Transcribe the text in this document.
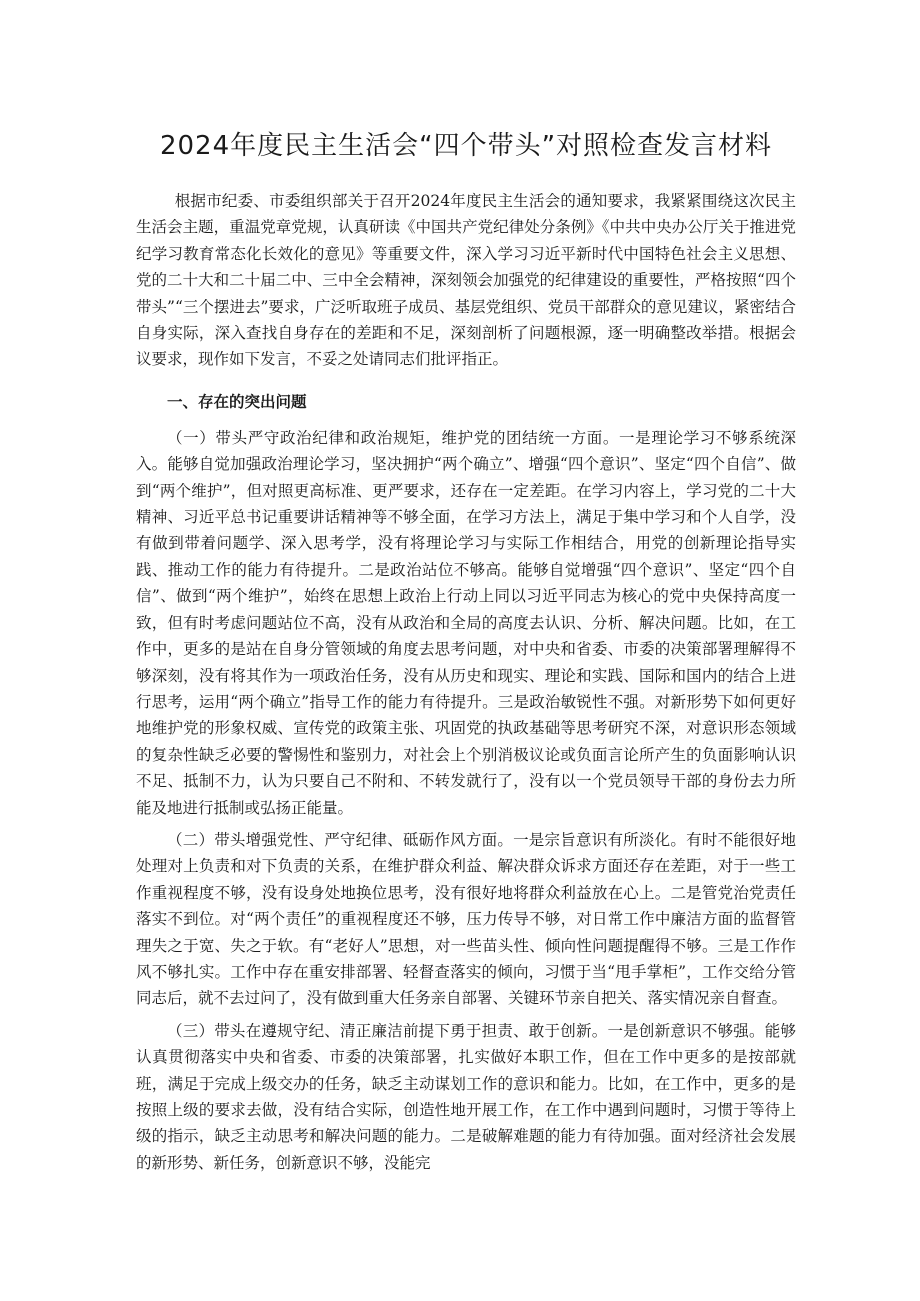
2024年度民主生活会“四个带头”对照检查发言材料

根据市纪委、市委组织部关于召开2024年度民主生活会的通知要求，我紧紧围绕这次民主生活会主题，重温党章党规，认真研读《中国共产党纪律处分条例》《中共中央办公厅关于推进党纪学习教育常态化长效化的意见》等重要文件，深入学习习近平新时代中国特色社会主义思想、党的二十大和二十届二中、三中全会精神，深刻领会加强党的纪律建设的重要性，严格按照“四个带头”“三个摆进去”要求，广泛听取班子成员、基层党组织、党员干部群众的意见建议，紧密结合自身实际，深入查找自身存在的差距和不足，深刻剖析了问题根源，逐一明确整改举措。根据会议要求，现作如下发言，不妥之处请同志们批评指正。

一、存在的突出问题

（一）带头严守政治纪律和政治规矩，维护党的团结统一方面。一是理论学习不够系统深入。能够自觉加强政治理论学习，坚决拥护“两个确立”、增强“四个意识”、坚定“四个自信”、做到“两个维护”，但对照更高标准、更严要求，还存在一定差距。在学习内容上，学习党的二十大精神、习近平总书记重要讲话精神等不够全面，在学习方法上，满足于集中学习和个人自学，没有做到带着问题学、深入思考学，没有将理论学习与实际工作相结合，用党的创新理论指导实践、推动工作的能力有待提升。二是政治站位不够高。能够自觉增强“四个意识”、坚定“四个自信”、做到“两个维护”，始终在思想上政治上行动上同以习近平同志为核心的党中央保持高度一致，但有时考虑问题站位不高，没有从政治和全局的高度去认识、分析、解决问题。比如，在工作中，更多的是站在自身分管领域的角度去思考问题，对中央和省委、市委的决策部署理解得不够深刻，没有将其作为一项政治任务，没有从历史和现实、理论和实践、国际和国内的结合上进行思考，运用“两个确立”指导工作的能力有待提升。三是政治敏锐性不强。对新形势下如何更好地维护党的形象权威、宣传党的政策主张、巩固党的执政基础等思考研究不深，对意识形态领域的复杂性缺乏必要的警惕性和鉴别力，对社会上个别消极议论或负面言论所产生的负面影响认识不足、抵制不力，认为只要自己不附和、不转发就行了，没有以一个党员领导干部的身份去力所能及地进行抵制或弘扬正能量。

（二）带头增强党性、严守纪律、砥砺作风方面。一是宗旨意识有所淡化。有时不能很好地处理对上负责和对下负责的关系，在维护群众利益、解决群众诉求方面还存在差距，对于一些工作重视程度不够，没有设身处地换位思考，没有很好地将群众利益放在心上。二是管党治党责任落实不到位。对“两个责任”的重视程度还不够，压力传导不够，对日常工作中廉洁方面的监督管理失之于宽、失之于软。有“老好人”思想，对一些苗头性、倾向性问题提醒得不够。三是工作作风不够扎实。工作中存在重安排部署、轻督查落实的倾向，习惯于当“甩手掌柜”，工作交给分管同志后，就不去过问了，没有做到重大任务亲自部署、关键环节亲自把关、落实情况亲自督查。

（三）带头在遵规守纪、清正廉洁前提下勇于担责、敢于创新。一是创新意识不够强。能够认真贯彻落实中央和省委、市委的决策部署，扎实做好本职工作，但在工作中更多的是按部就班，满足于完成上级交办的任务，缺乏主动谋划工作的意识和能力。比如，在工作中，更多的是按照上级的要求去做，没有结合实际，创造性地开展工作，在工作中遇到问题时，习惯于等待上级的指示，缺乏主动思考和解决问题的能力。二是破解难题的能力有待加强。面对经济社会发展的新形势、新任务，创新意识不够，没能完
